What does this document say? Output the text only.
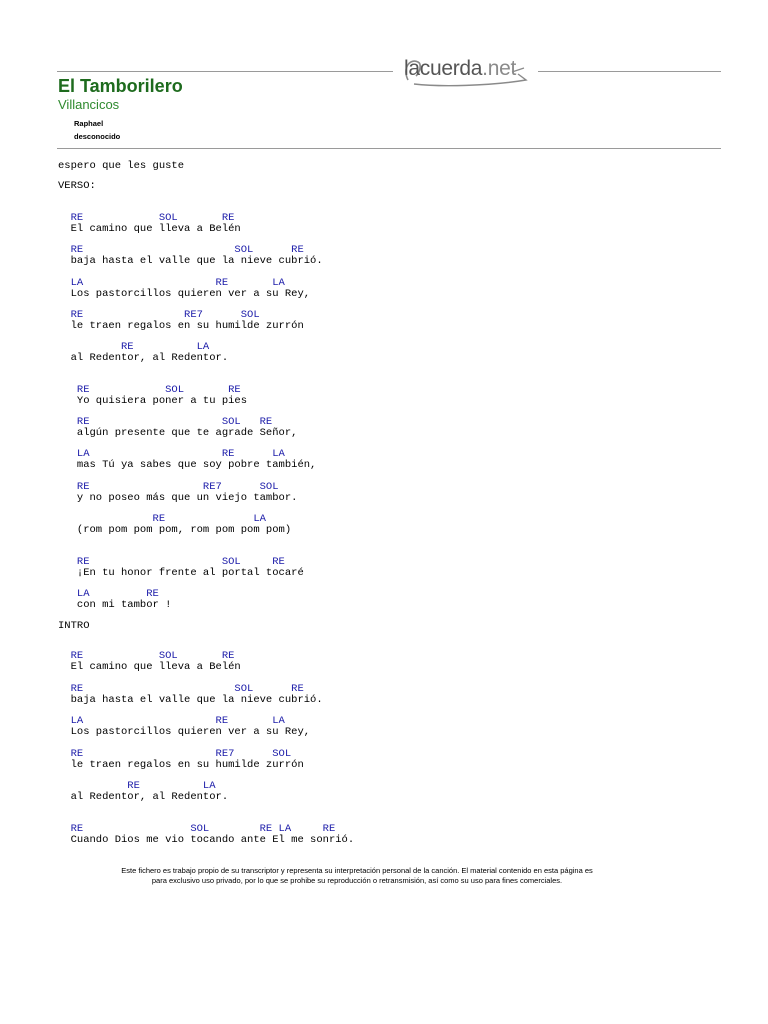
lacuerda.net
El Tamborilero
Villancicos
Raphael
desconocido
espero que les guste
VERSO:
RE            SOL       RE
El camino que lleva a Belén
RE                        SOL      RE
baja hasta el valle que la nieve cubrió.
LA                     RE       LA
Los pastorcillos quieren ver a su Rey,
RE                RE7      SOL
le traen regalos en su humilde zurrón
RE          LA
al Redentor, al Redentor.
RE            SOL       RE
Yo quisiera poner a tu pies
RE                     SOL   RE
algún presente que te agrade Señor,
LA                     RE      LA
mas Tú ya sabes que soy pobre también,
RE                  RE7      SOL
y no poseo más que un viejo tambor.
RE              LA
(rom pom pom pom, rom pom pom pom)
RE                     SOL     RE
¡En tu honor frente al portal tocaré
LA         RE
con mi tambor !
INTRO
RE            SOL       RE
El camino que lleva a Belén
RE                        SOL      RE
baja hasta el valle que la nieve cubrió.
LA                     RE       LA
Los pastorcillos quieren ver a su Rey,
RE                     RE7      SOL
le traen regalos en su humilde zurrón
RE          LA
al Redentor, al Redentor.
RE                 SOL        RE LA     RE
Cuando Dios me vio tocando ante El me sonrió.
Este fichero es trabajo propio de su transcriptor y representa su interpretación personal de la canción. El material contenido en esta página es
para exclusivo uso privado, por lo que se prohibe su reproducción o retransmisión, así como su uso para fines comerciales.
